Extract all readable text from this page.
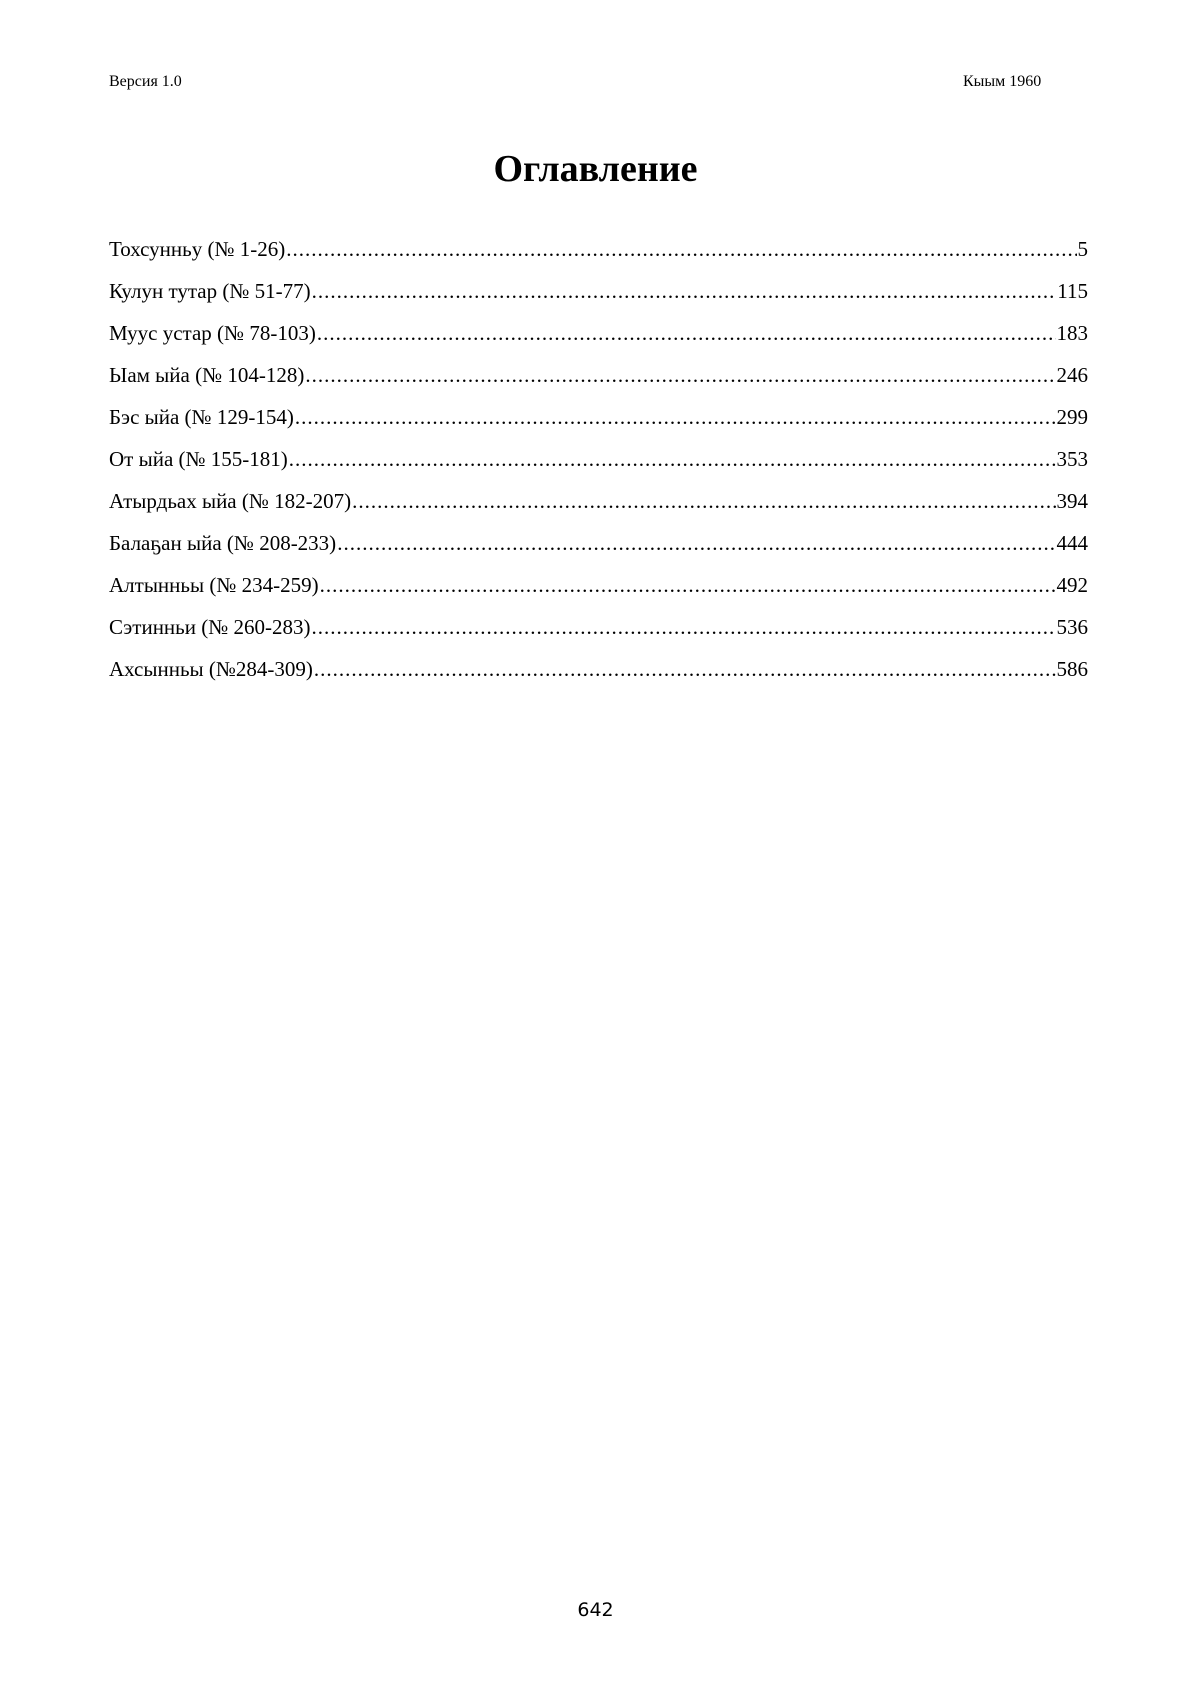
Версия 1.0	Кыым 1960
Оглавление
Тохсунньу (№ 1-26) .....	5
Кулун тутар (№ 51-77) .....	115
Муус устар (№ 78-103) .....	183
Ыам ыйа (№ 104-128) .....	246
Бэс ыйа (№ 129-154) .....	299
От ыйа (№ 155-181) .....	353
Атырдьах ыйа (№ 182-207) .....	394
Балаҕан ыйа (№ 208-233) .....	444
Алтынньы (№ 234-259) .....	492
Сэтинньи (№ 260-283) .....	536
Ахсынньы (№284-309) .....	586
642
